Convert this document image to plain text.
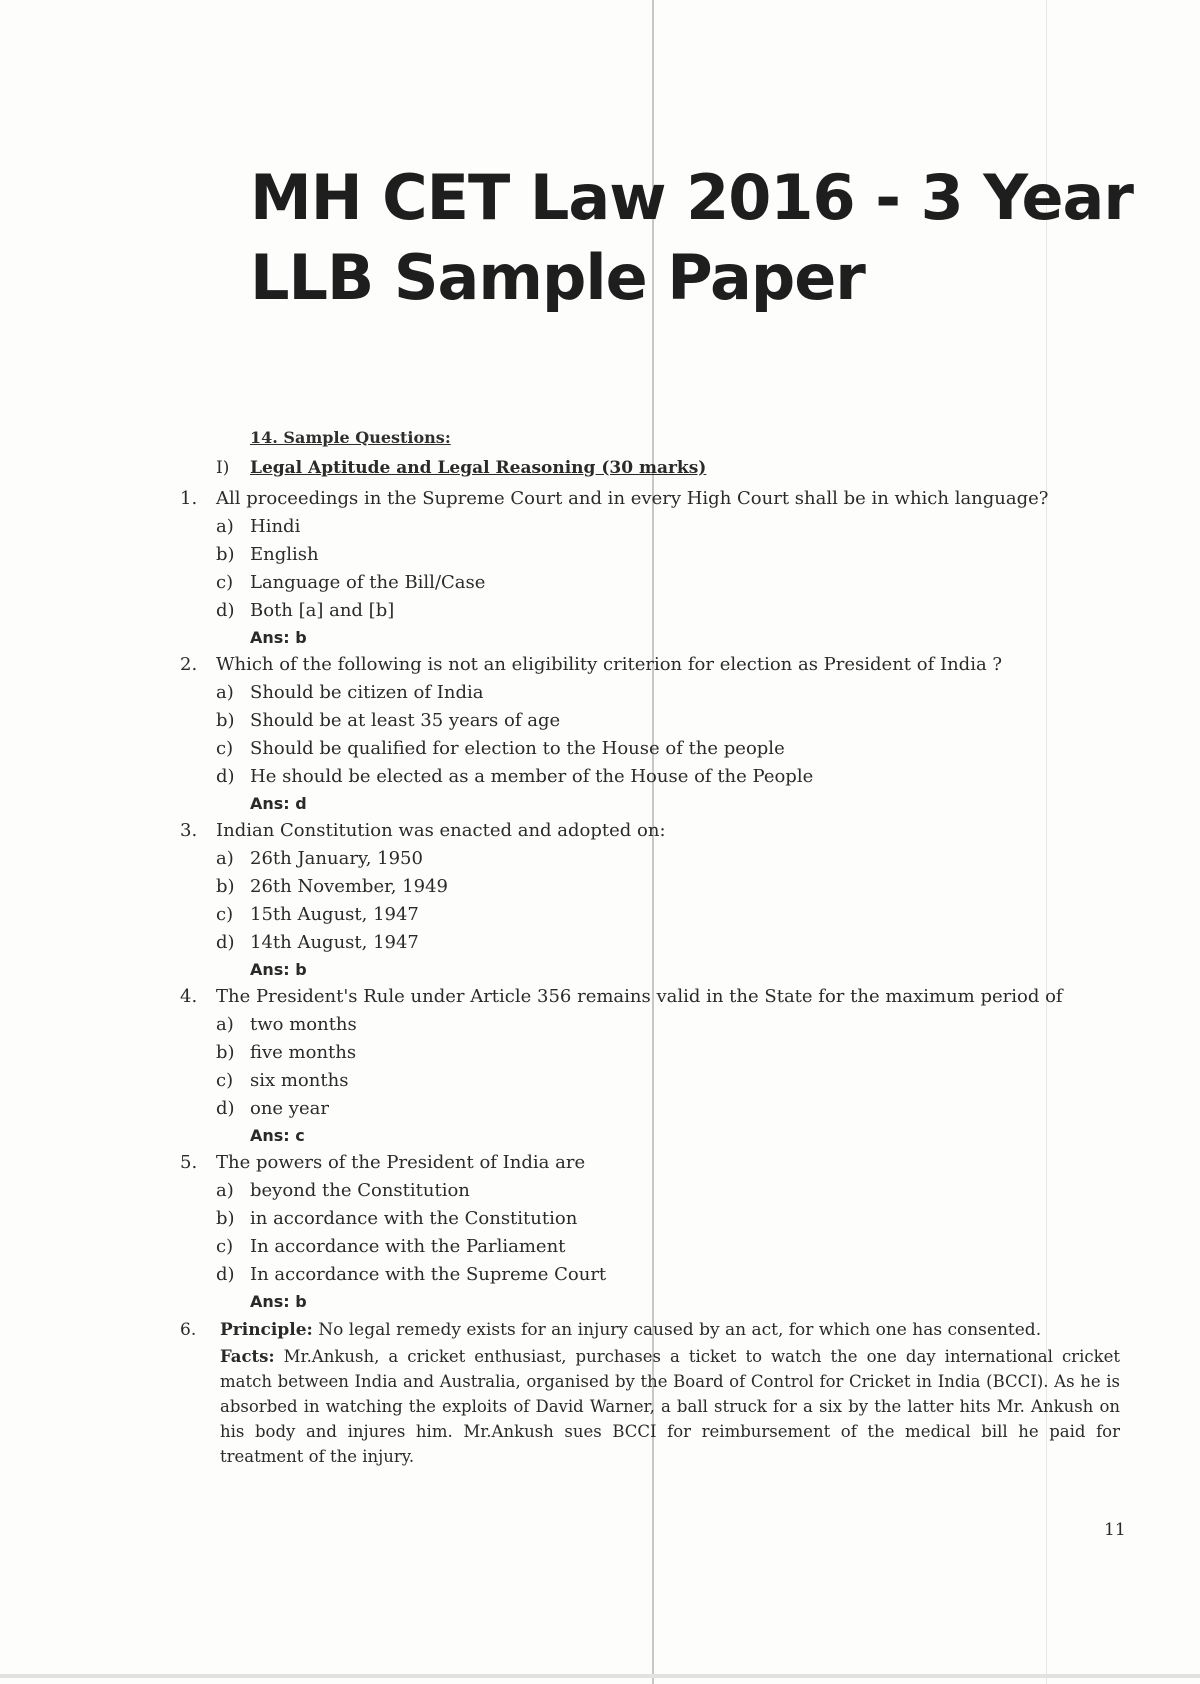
MH CET Law 2016 - 3 Year
LLB Sample Paper
14. Sample Questions:
I) Legal Aptitude and Legal Reasoning (30 marks)
1.	All proceedings in the Supreme Court and in every High Court shall be in which language?
a) Hindi
b) English
c) Language of the Bill/Case
d) Both [a] and [b]
Ans: b
2.	Which of the following is not an eligibility criterion for election as President of India ?
a) Should be citizen of India
b) Should be at least 35 years of age
c) Should be qualified for election to the House of the people
d) He should be elected as a member of the House of the People
Ans: d
3.	Indian Constitution was enacted and adopted on:
a) 26th January, 1950
b) 26th November, 1949
c) 15th August, 1947
d) 14th August, 1947
Ans: b
4.	The President's Rule under Article 356 remains valid in the State for the maximum period of
a) two months
b) five months
c) six months
d) one year
Ans: c
5.	The powers of the President of India are
a) beyond the Constitution
b) in accordance with the Constitution
c) In accordance with the Parliament
d) In accordance with the Supreme Court
Ans: b
6.	Principle:
No legal remedy exists for an injury caused by an act, for which one has consented.
Facts: Mr.Ankush, a cricket enthusiast, purchases a ticket to watch the one day international cricket match between India and Australia, organised by the Board of Control for Cricket in India (BCCI). As he is absorbed in watching the exploits of David Warner, a ball struck for a six by the latter hits Mr. Ankush on his body and injures him. Mr.Ankush sues BCCI for reimbursement of the medical bill he paid for treatment of the injury.
11
